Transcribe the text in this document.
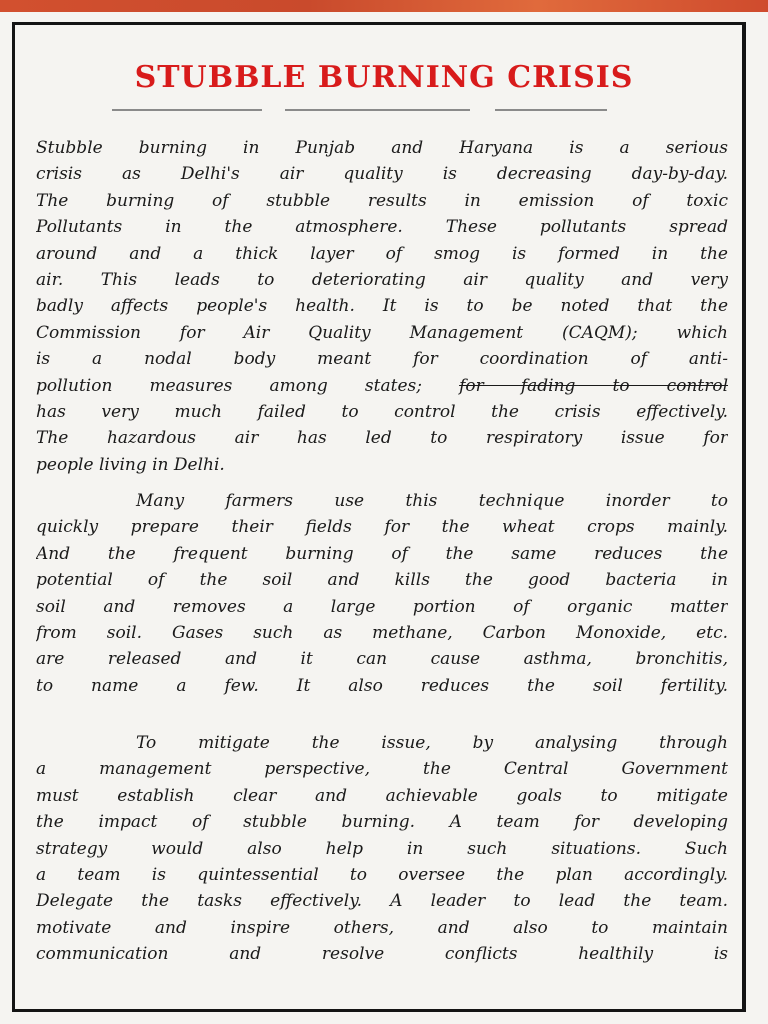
STUBBLE BURNING CRISIS
Stubble burning in Punjab and Haryana is a serious
crisis as Delhi's air quality is decreasing day-by-day.
The burning of stubble results in emission of toxic
Pollutants in the atmosphere. These pollutants spread
around and a thick layer of smog is formed in the
air. This leads to deteriorating air quality and very
badly affects people's health. It is to be noted that the
Commission for Air Quality Management (CAQM); which
is a nodal body meant for coordination of anti-
pollution measures among states; for fading to control
has very much failed to control the crisis effectively.
The hazardous air has led to respiratory issue for
people living in Delhi.
Many farmers use this technique inorder to
quickly prepare their fields for the wheat crops mainly.
And the frequent burning of the same reduces the
potential of the soil and kills the good bacteria in
soil and removes a large portion of organic matter
from soil. Gases such as methane, Carbon Monoxide, etc.
are released and it can cause asthma, bronchitis,
to name a few. It also reduces the soil fertility.
To mitigate the issue, by analysing through
a management perspective, the Central Government
must establish clear and achievable goals to mitigate
the impact of stubble burning. A team for developing
strategy would also help in such situations. Such
a team is quintessential to oversee the plan accordingly.
Delegate the tasks effectively. A leader to lead the team.
motivate and inspire others, and also to maintain
communication and resolve conflicts healthily is
